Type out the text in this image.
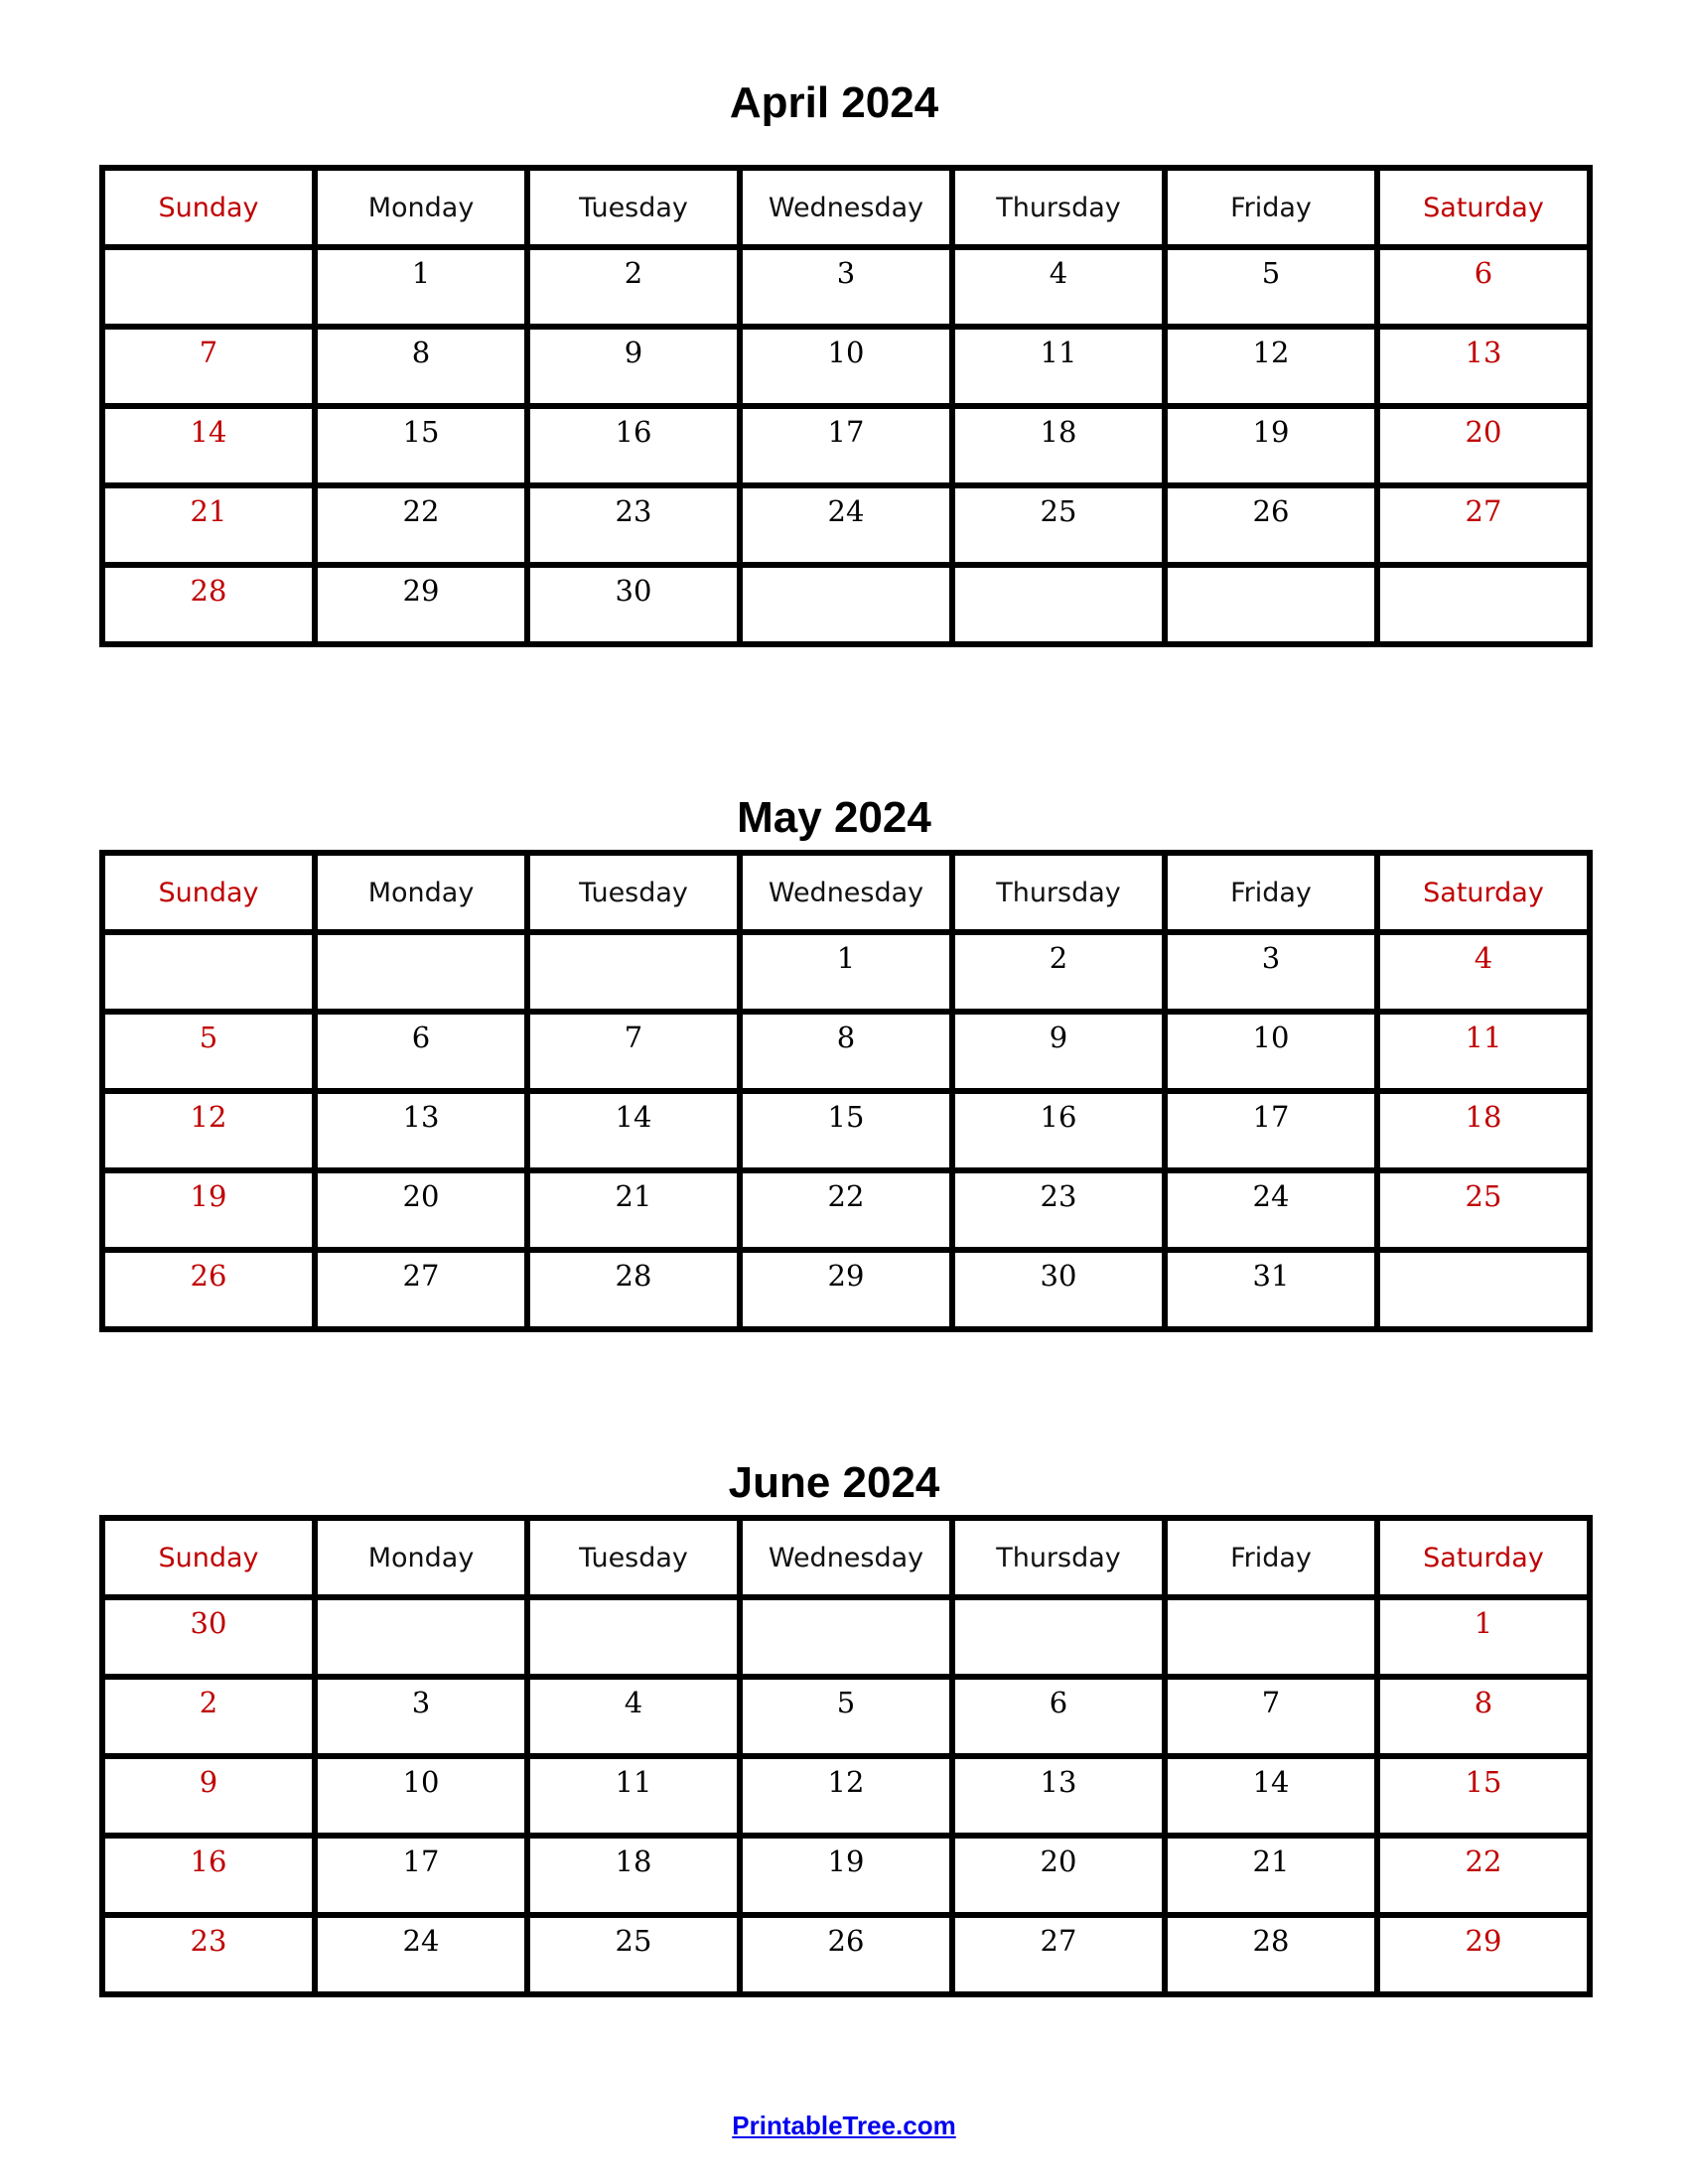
April 2024
Sunday	Monday	Tuesday	Wednesday	Thursday	Friday	Saturday
	1	2	3	4	5	6
7	8	9	10	11	12	13
14	15	16	17	18	19	20
21	22	23	24	25	26	27
28	29	30				
May 2024
Sunday	Monday	Tuesday	Wednesday	Thursday	Friday	Saturday
			1	2	3	4
5	6	7	8	9	10	11
12	13	14	15	16	17	18
19	20	21	22	23	24	25
26	27	28	29	30	31	
June 2024
Sunday	Monday	Tuesday	Wednesday	Thursday	Friday	Saturday
30						1
2	3	4	5	6	7	8
9	10	11	12	13	14	15
16	17	18	19	20	21	22
23	24	25	26	27	28	29
PrintableTree.com
